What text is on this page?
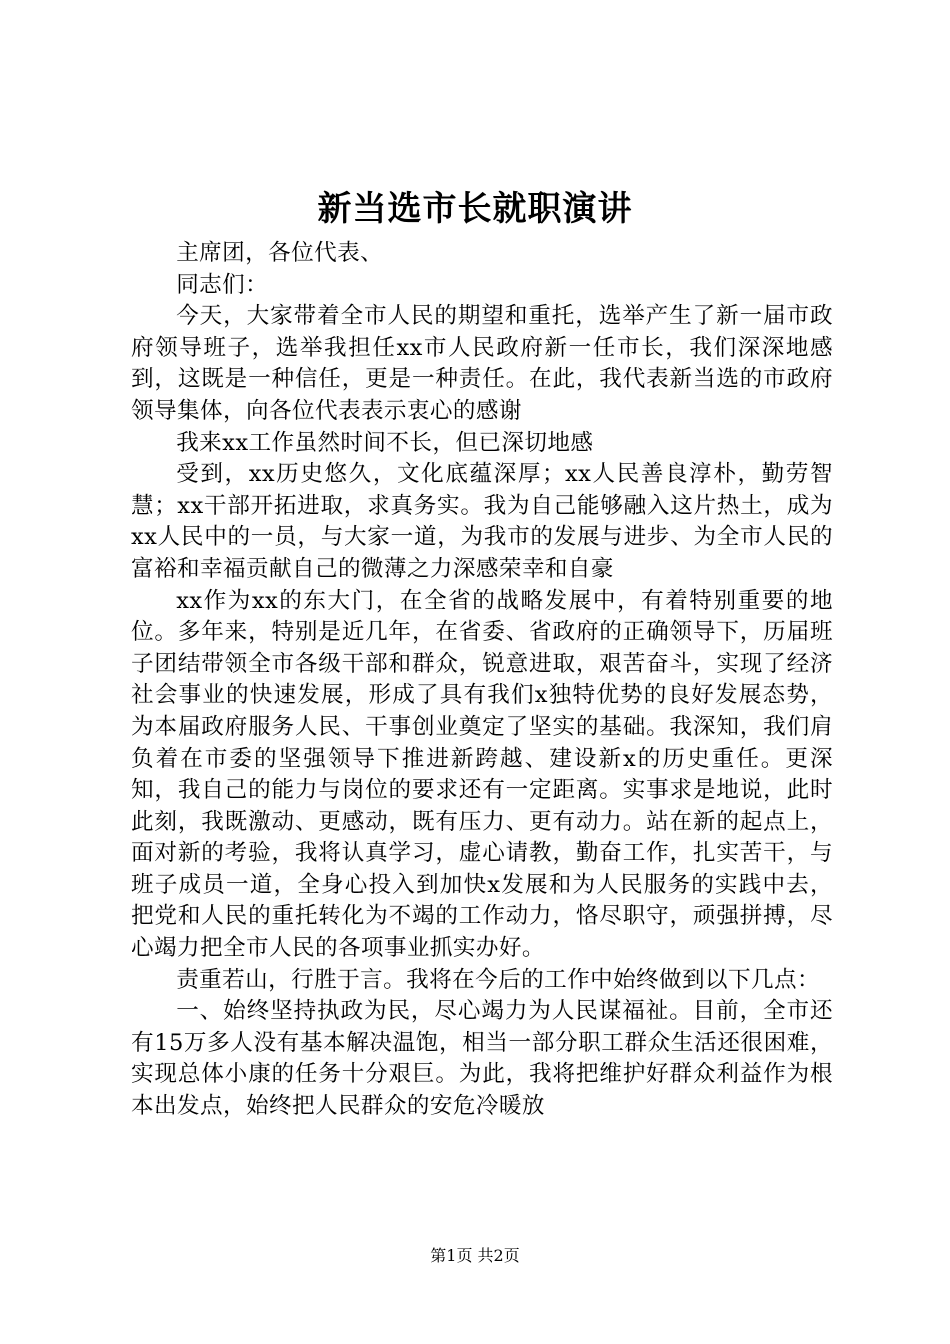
新当选市长就职演讲

主席团，各位代表、

同志们：

今天，大家带着全市人民的期望和重托，选举产生了新一届市政府领导班子，选举我担任xx市人民政府新一任市长，我们深深地感到，这既是一种信任，更是一种责任。在此，我代表新当选的市政府领导集体，向各位代表表示衷心的感谢

我来xx工作虽然时间不长，但已深切地感

受到，xx历史悠久，文化底蕴深厚；xx人民善良淳朴，勤劳智慧；xx干部开拓进取，求真务实。我为自己能够融入这片热土，成为xx人民中的一员，与大家一道，为我市的发展与进步、为全市人民的富裕和幸福贡献自己的微薄之力深感荣幸和自豪

xx作为xx的东大门，在全省的战略发展中，有着特别重要的地位。多年来，特别是近几年，在省委、省政府的正确领导下，历届班子团结带领全市各级干部和群众，锐意进取，艰苦奋斗，实现了经济社会事业的快速发展，形成了具有我们x独特优势的良好发展态势，为本届政府服务人民、干事创业奠定了坚实的基础。我深知，我们肩负着在市委的坚强领导下推进新跨越、建设新x的历史重任。更深知，我自己的能力与岗位的要求还有一定距离。实事求是地说，此时此刻，我既激动、更感动，既有压力、更有动力。站在新的起点上，面对新的考验，我将认真学习，虚心请教，勤奋工作，扎实苦干，与班子成员一道，全身心投入到加快x发展和为人民服务的实践中去，把党和人民的重托转化为不竭的工作动力，恪尽职守，顽强拼搏，尽心竭力把全市人民的各项事业抓实办好。

责重若山，行胜于言。我将在今后的工作中始终做到以下几点：

一、始终坚持执政为民，尽心竭力为人民谋福祉。目前，全市还有15万多人没有基本解决温饱，相当一部分职工群众生活还很困难，实现总体小康的任务十分艰巨。为此，我将把维护好群众利益作为根本出发点，始终把人民群众的安危冷暖放

第1页 共2页
